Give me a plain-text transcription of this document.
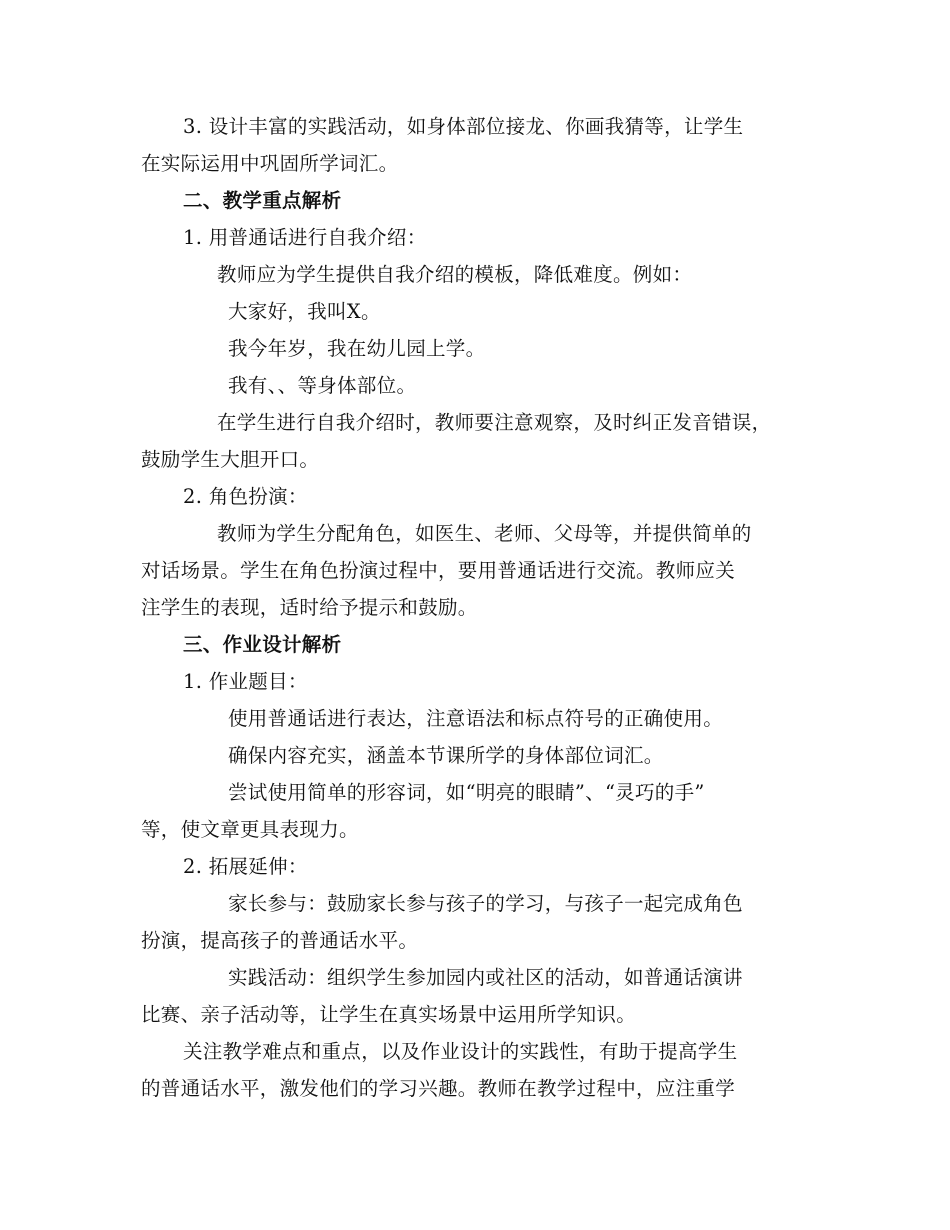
3. 设计丰富的实践活动，如身体部位接龙、你画我猜等，让学生
在实际运用中巩固所学词汇。
二、教学重点解析
1. 用普通话进行自我介绍：
教师应为学生提供自我介绍的模板，降低难度。例如：
大家好，我叫X。
我今年岁，我在幼儿园上学。
我有、、等身体部位。
在学生进行自我介绍时，教师要注意观察，及时纠正发音错误，
鼓励学生大胆开口。
2. 角色扮演：
教师为学生分配角色，如医生、老师、父母等，并提供简单的
对话场景。学生在角色扮演过程中，要用普通话进行交流。教师应关
注学生的表现，适时给予提示和鼓励。
三、作业设计解析
1. 作业题目：
使用普通话进行表达，注意语法和标点符号的正确使用。
确保内容充实，涵盖本节课所学的身体部位词汇。
尝试使用简单的形容词，如“明亮的眼睛”、“灵巧的手”
等，使文章更具表现力。
2. 拓展延伸：
家长参与：鼓励家长参与孩子的学习，与孩子一起完成角色
扮演，提高孩子的普通话水平。
实践活动：组织学生参加园内或社区的活动，如普通话演讲
比赛、亲子活动等，让学生在真实场景中运用所学知识。
关注教学难点和重点，以及作业设计的实践性，有助于提高学生
的普通话水平，激发他们的学习兴趣。教师在教学过程中，应注重学
